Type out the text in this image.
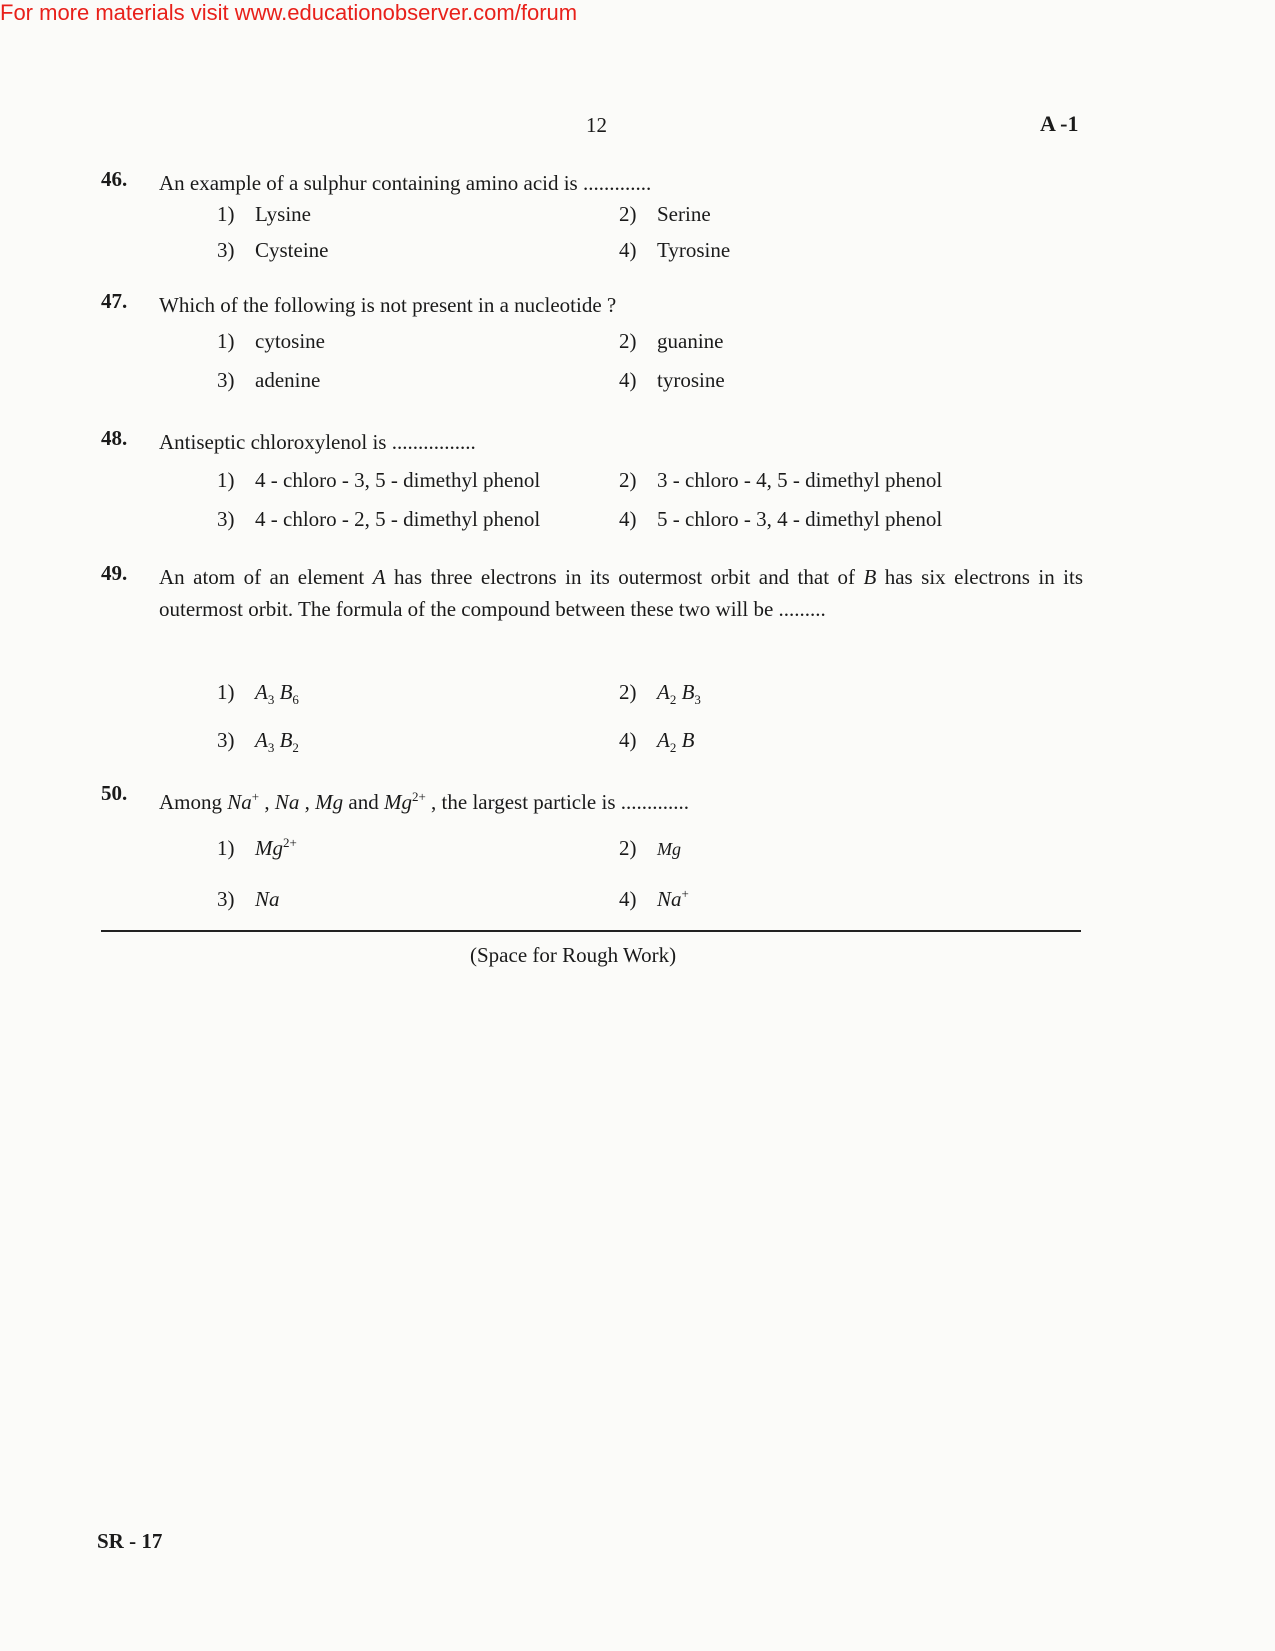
For more materials visit www.educationobserver.com/forum
12	A -1
46. An example of a sulphur containing amino acid is .............
1) Lysine	2) Serine
3) Cysteine	4) Tyrosine
47. Which of the following is not present in a nucleotide ?
1) cytosine	2) guanine
3) adenine	4) tyrosine
48. Antiseptic chloroxylenol is ................
1) 4 - chloro - 3, 5 - dimethyl phenol	2) 3 - chloro - 4, 5 - dimethyl phenol
3) 4 - chloro - 2, 5 - dimethyl phenol	4) 5 - chloro - 3, 4 - dimethyl phenol
49. An atom of an element A has three electrons in its outermost orbit and that of B has six electrons in its outermost orbit. The formula of the compound between these two will be .........
1) $A_3$ $B_6$	2) $A_2$ $B_3$
3) $A_3$ $B_2$	4) $A_2$ B
50. Among Na+ , Na , Mg and $Mg^{2+}$ , the largest particle is .............
1) $Mg^{2+}$	2) Mg
3) Na	4) Na+
(Space for Rough Work)
SR - 17
